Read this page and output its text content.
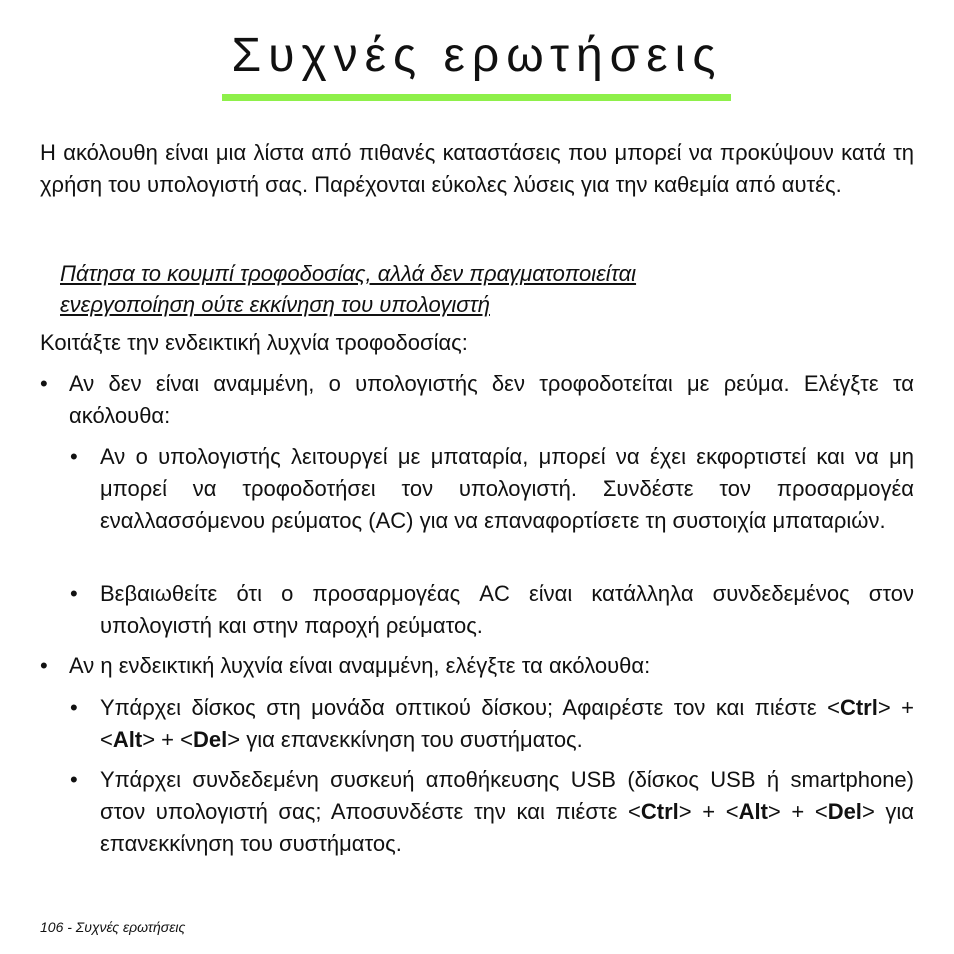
Συχνές ερωτήσεις
Η ακόλουθη είναι μια λίστα από πιθανές καταστάσεις που μπορεί να προκύψουν κατά τη χρήση του υπολογιστή σας. Παρέχονται εύκολες λύσεις για την καθεμία από αυτές.
Πάτησα το κουμπί τροφοδοσίας, αλλά δεν πραγματοποιείται
ενεργοποίηση ούτε εκκίνηση του υπολογιστή
Κοιτάξτε την ενδεικτική λυχνία τροφοδοσίας:
• Αν δεν είναι αναμμένη, ο υπολογιστής δεν τροφοδοτείται με ρεύμα. Ελέγξτε τα ακόλουθα:
• Αν ο υπολογιστής λειτουργεί με μπαταρία, μπορεί να έχει εκφορτιστεί και να μη μπορεί να τροφοδοτήσει τον υπολογιστή. Συνδέστε τον προσαρμογέα εναλλασσόμενου ρεύματος (AC) για να επαναφορτίσετε τη συστοιχία μπαταριών.
• Βεβαιωθείτε ότι ο προσαρμογέας AC είναι κατάλληλα συνδεδεμένος στον υπολογιστή και στην παροχή ρεύματος.
• Αν η ενδεικτική λυχνία είναι αναμμένη, ελέγξτε τα ακόλουθα:
• Υπάρχει δίσκος στη μονάδα οπτικού δίσκου; Αφαιρέστε τον και πιέστε <Ctrl> + <Alt> + <Del> για επανεκκίνηση του συστήματος.
• Υπάρχει συνδεδεμένη συσκευή αποθήκευσης USB (δίσκος USB ή smartphone) στον υπολογιστή σας; Αποσυνδέστε την και πιέστε <Ctrl> + <Alt> + <Del> για επανεκκίνηση του συστήματος.
106 - Συχνές ερωτήσεις
